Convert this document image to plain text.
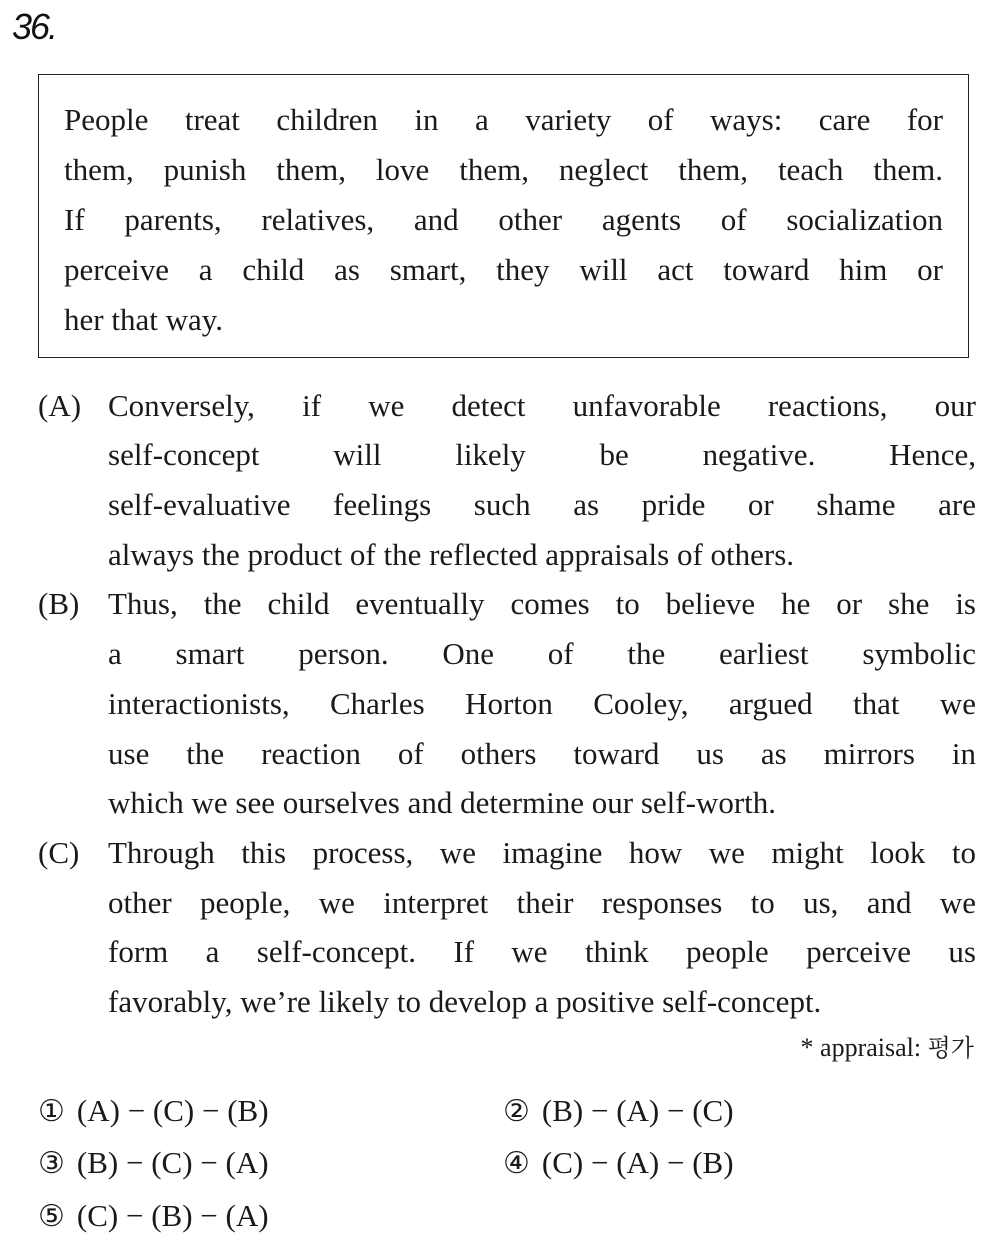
36.
People treat children in a variety of ways: care for
them, punish them, love them, neglect them, teach them.
If parents, relatives, and other agents of socialization
perceive a child as smart, they will act toward him or
her that way.
(A) Conversely, if we detect unfavorable reactions, our
self-concept will likely be negative. Hence,
self-evaluative feelings such as pride or shame are
always the product of the reflected appraisals of others.
(B) Thus, the child eventually comes to believe he or she is
a smart person. One of the earliest symbolic
interactionists, Charles Horton Cooley, argued that we
use the reaction of others toward us as mirrors in
which we see ourselves and determine our self-worth.
(C) Through this process, we imagine how we might look to
other people, we interpret their responses to us, and we
form a self-concept. If we think people perceive us
favorably, we’re likely to develop a positive self-concept.
* appraisal: 평가
① (A) − (C) − (B)	② (B) − (A) − (C)
③ (B) − (C) − (A)	④ (C) − (A) − (B)
⑤ (C) − (B) − (A)
